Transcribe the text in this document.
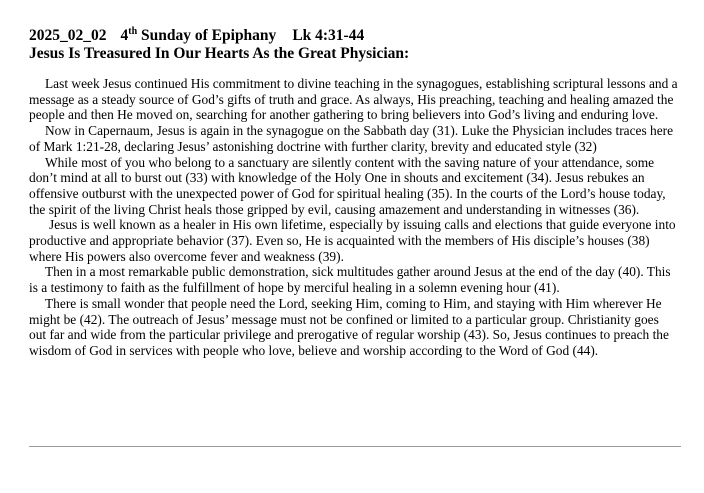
2025_02_02 4th Sunday of Epiphany Lk 4:31-44
Jesus Is Treasured In Our Hearts As the Great Physician:

Last week Jesus continued His commitment to divine teaching in the synagogues, establishing scriptural lessons and a message as a steady source of God’s gifts of truth and grace. As always, His preaching, teaching and healing amazed the people and then He moved on, searching for another gathering to bring believers into God’s living and enduring love.

Now in Capernaum, Jesus is again in the synagogue on the Sabbath day (31). Luke the Physician includes traces here of Mark 1:21-28, declaring Jesus’ astonishing doctrine with further clarity, brevity and educated style (32)

While most of you who belong to a sanctuary are silently content with the saving nature of your attendance, some don’t mind at all to burst out (33) with knowledge of the Holy One in shouts and excitement (34). Jesus rebukes an offensive outburst with the unexpected power of God for spiritual healing (35). In the courts of the Lord’s house today, the spirit of the living Christ heals those gripped by evil, causing amazement and understanding in witnesses (36).

Jesus is well known as a healer in His own lifetime, especially by issuing calls and elections that guide everyone into productive and appropriate behavior (37). Even so, He is acquainted with the members of His disciple’s houses (38) where His powers also overcome fever and weakness (39).

Then in a most remarkable public demonstration, sick multitudes gather around Jesus at the end of the day (40). This is a testimony to faith as the fulfillment of hope by merciful healing in a solemn evening hour (41).

There is small wonder that people need the Lord, seeking Him, coming to Him, and staying with Him wherever He might be (42). The outreach of Jesus’ message must not be confined or limited to a particular group. Christianity goes out far and wide from the particular privilege and prerogative of regular worship (43). So, Jesus continues to preach the wisdom of God in services with people who love, believe and worship according to the Word of God (44).
